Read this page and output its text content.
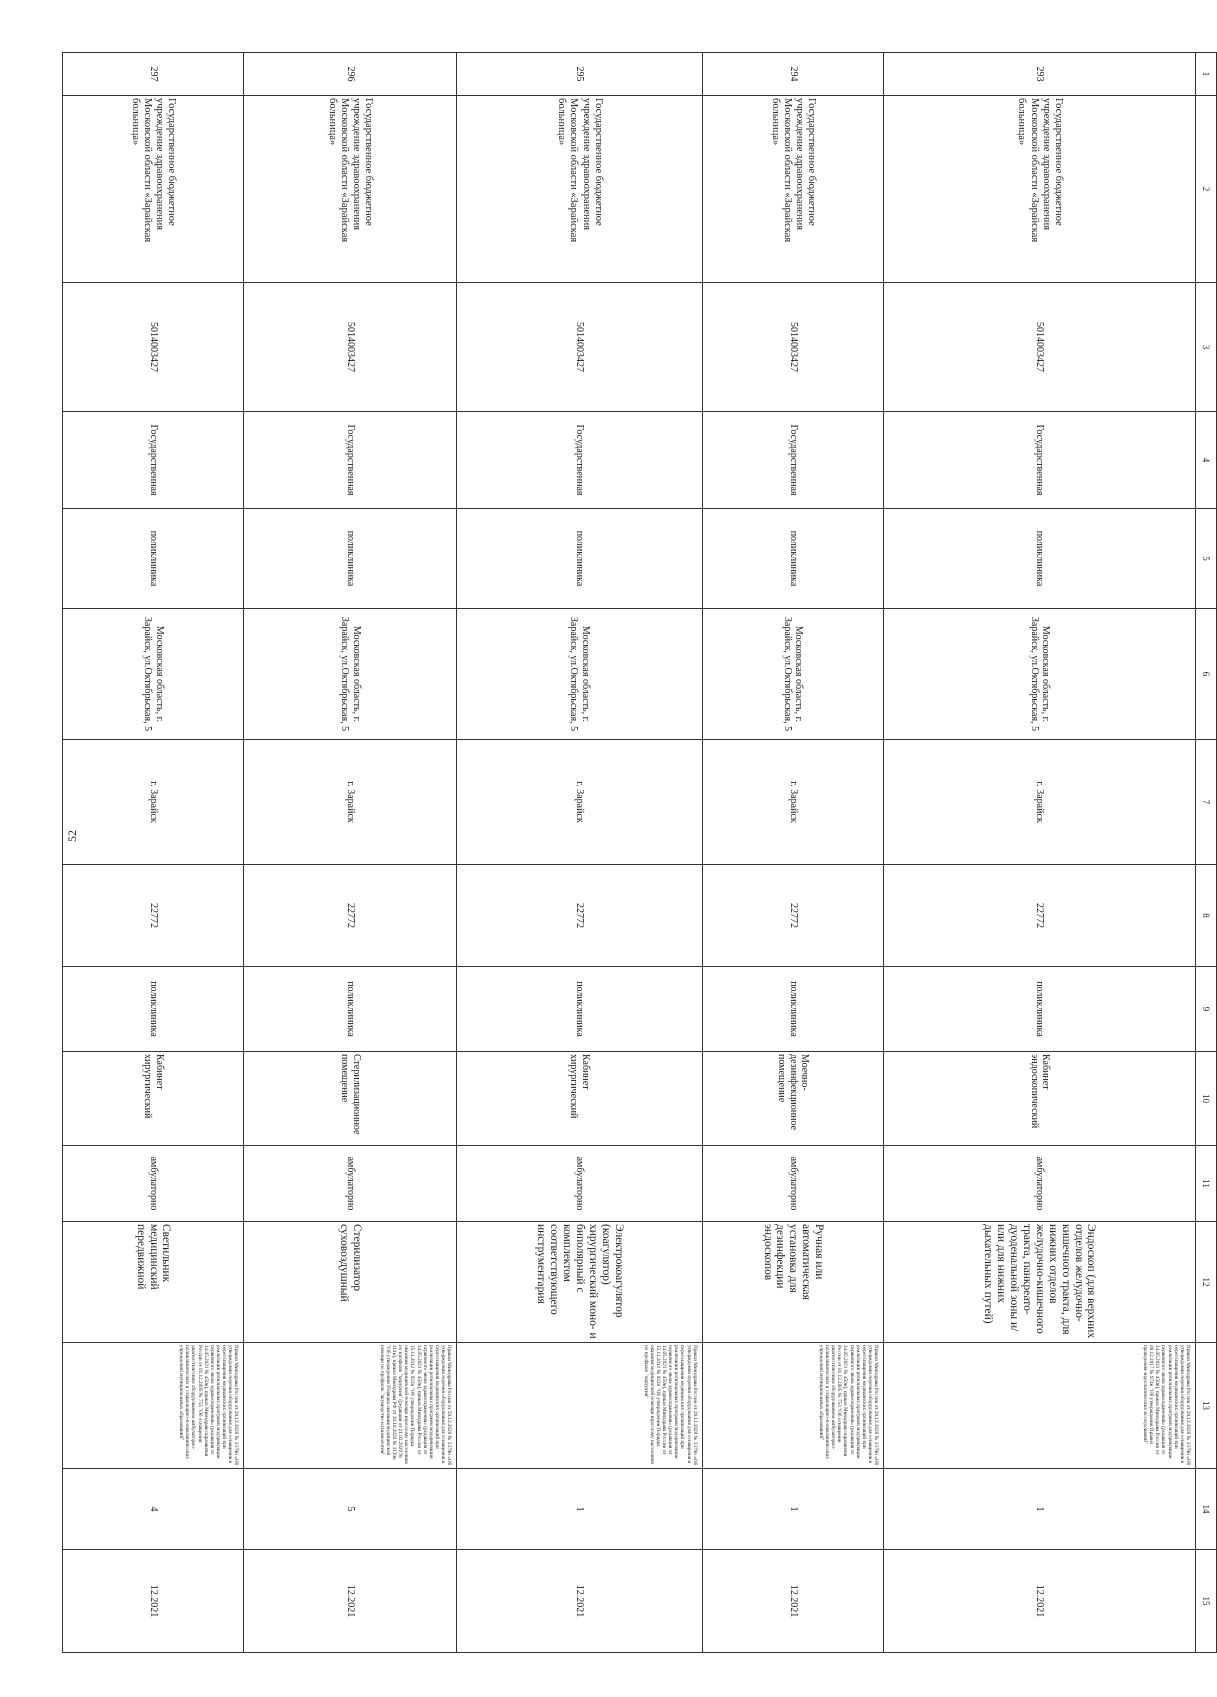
52
1	2	3	4	5	6	7	8	9	10	11	12	13	14	15
293	Государственное бюджетное учреждение здравоохранения Московской области «Зарайская больница»	5014003427	Государственная	поликлиника	Московская область, г. Зарайск, ул.Октябрьская, 5	г. Зарайск	22772	поликлиника	Кабинет эндоскопический	амбулаторно	Эндоскоп (для верхних отделов желудочно-кишечного тракта, для нижних отделов желудочно-кишечного тракта, панкреато-дуоденальной зоны и/или для нижних дыхательных путей)	Приказ Минздрава России от 28.12.2020 № 1379н «Об утверждении перечня оборудования для оснащения и переоснащения медицинских организаций при реализации региональных программ модернизации первичного звена здравоохранения» (редакция от 14.05.2021 № 450н), приказ Минздрава России от 06.12.2017 № 974н "Об утверждении Правил проведения эндоскопических исследований"	1	12.2021
294	Государственное бюджетное учреждение здравоохранения Московской области «Зарайская больница»	5014003427	Государственная	поликлиника	Московская область, г. Зарайск, ул.Октябрьская, 5	г. Зарайск	22772	поликлиника	Моечно-дезинфекционное помещение	амбулаторно	Ручная или автоматическая установка для дезинфекции эндоскопов	Приказ Минздрава России от 28.12.2020 № 1379н «Об утверждении перечня оборудования для оснащения и переоснащения медицинских организаций при реализации региональных программ модернизации первичного звена здравоохранения» (редакция от 14.05.2021 № 450н), приказ Минздравсоцразвития России от 01.12.2005 № 753 "Об оснащении диагностическим оборудованием амбулаторно-поликлинических и стационарно-поликлинических учреждений муниципальных образований"	1	12.2021
295	Государственное бюджетное учреждение здравоохранения Московской области «Зарайская больница»	5014003427	Государственная	поликлиника	Московская область, г. Зарайск, ул.Октябрьская, 5	г. Зарайск	22772	поликлиника	Кабинет хирургический	амбулаторно	Электрокоагулятор (коагулятор) хирургический моно- и биполярный с комплектом соответствующего инструментария	Приказ Минздрава России от 28.12.2020 № 1379н «Об утверждении перечня оборудования для оснащения и переоснащения медицинских организаций при реализации региональных программ модернизации первичного звена здравоохранения» (редакция от 14.05.2021 № 450н), приказ Минздрава России от 15.11.2012 № 922н "Об утверждении Порядка оказания медицинской помощи взрослому населению по профилю "хирургия"	1	12.2021
296	Государственное бюджетное учреждение здравоохранения Московской области «Зарайская больница»	5014003427	Государственная	поликлиника	Московская область, г. Зарайск, ул.Октябрьская, 5	г. Зарайск	22772	поликлиника	Стерилизационное помещение	амбулаторно	Стерилизатор суховоздушный	Приказ Минздрава России от 28.12.2020 № 1379н «Об утверждении перечня оборудования для оснащения и переоснащения медицинских организаций при реализации региональных программ модернизации первичного звена здравоохранения» (редакция от 14.05.2021 № 450н), приказ Минздрава России от 15.11.2012 № 922н "Об утверждении Порядка оказания медицинской помощи взрослому населению по профилю "хирургия" (редакция от 21.02.2020 № 114н), приказ Минздрава РФ от 20.10.2020 № 1130н "Об утверждении Порядка оказания медицинской помощи по профилю "акушерство и гинекология"	5	12.2021
297	Государственное бюджетное учреждение здравоохранения Московской области «Зарайская больница»	5014003427	Государственная	поликлиника	Московская область, г. Зарайск, ул.Октябрьская, 5	г. Зарайск	22772	поликлиника	Кабинет хирургический	амбулаторно	Светильник медицинский передвижной	Приказ Минздрава России от 28.12.2020 № 1379н «Об утверждении перечня оборудования для оснащения и переоснащения медицинских организаций при реализации региональных программ модернизации первичного звена здравоохранения» (редакция от 14.05.2021 № 450н), приказ Минздравсоцразвития России от 01.12.2005 № 753 "Об оснащении диагностическим оборудованием амбулаторно-поликлинических и стационарно-поликлинических учреждений муниципальных образований"	4	12.2021
